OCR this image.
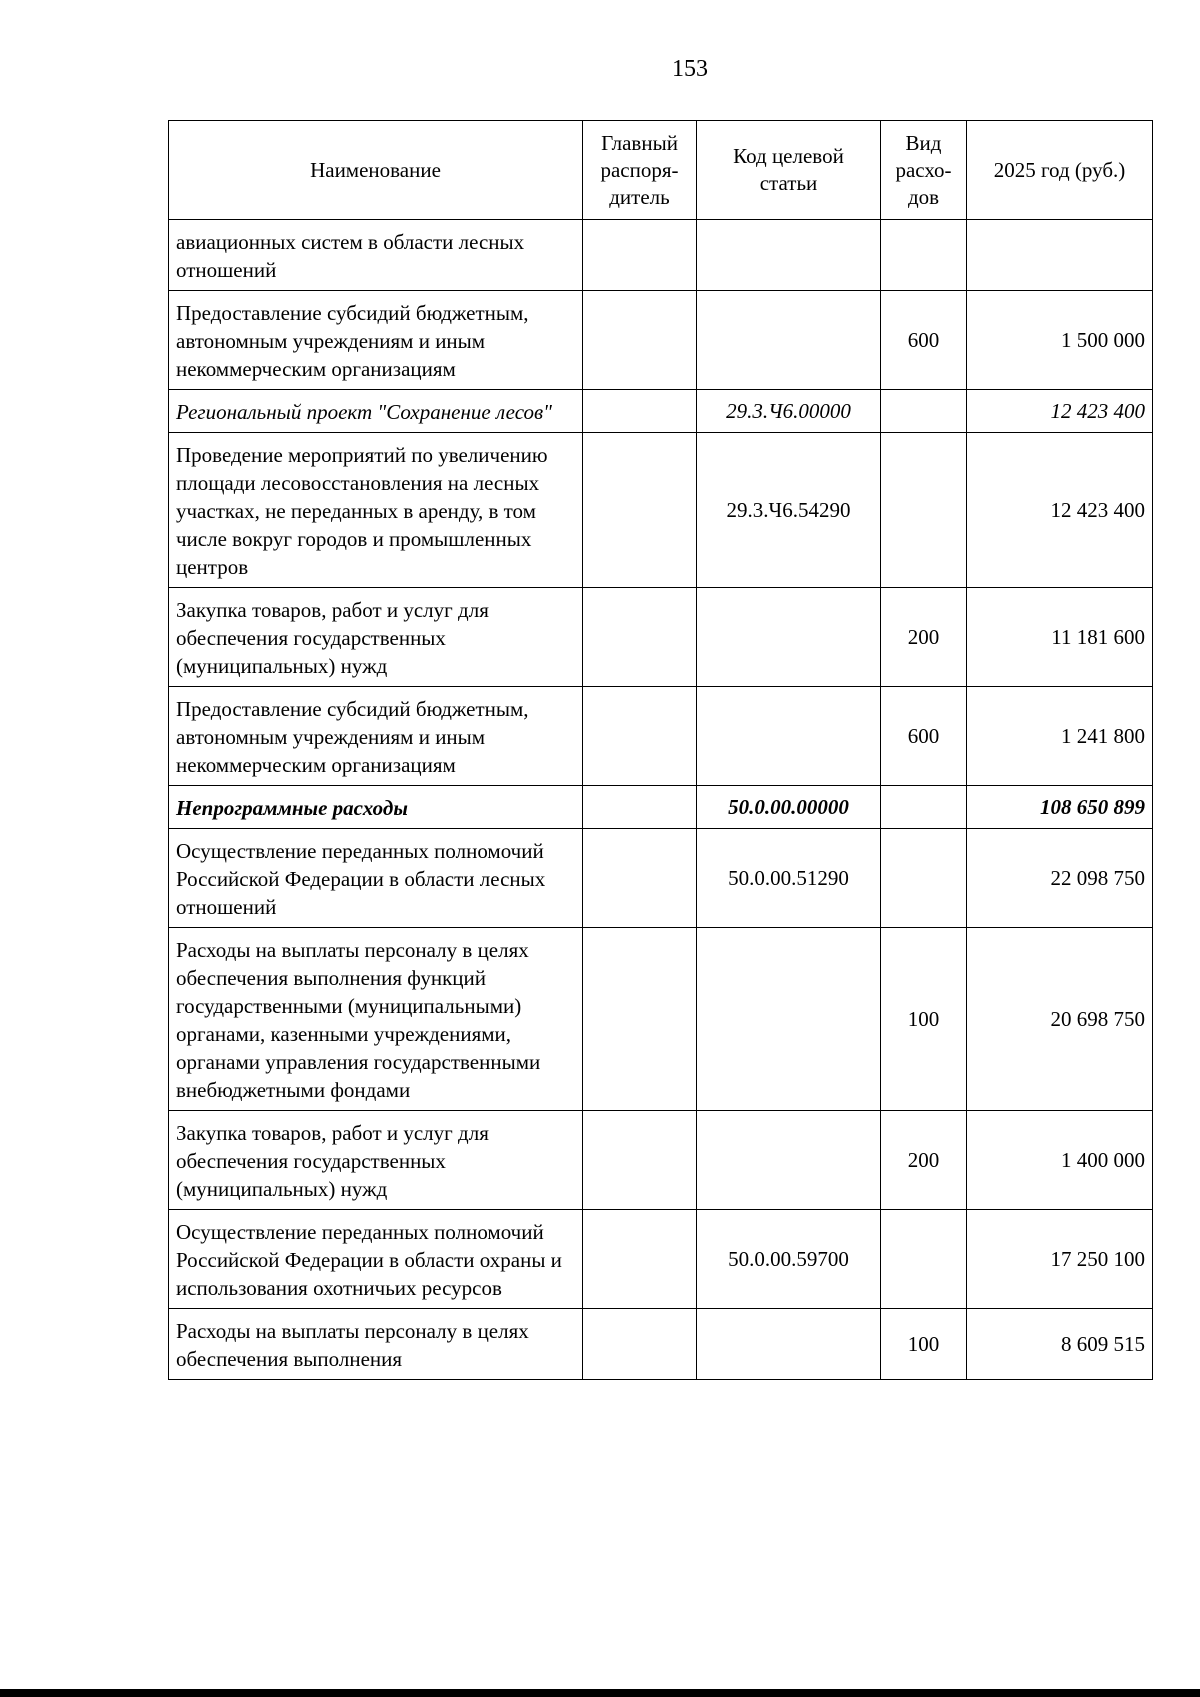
153
Наименование	Главный распоря-дитель	Код целевой статьи	Вид расхо-дов	2025 год (руб.)
авиационных систем в области лесных отношений				
Предоставление субсидий бюджетным, автономным учреждениям и иным некоммерческим организациям			600	1 500 000
Региональный проект "Сохранение лесов"		29.3.Ч6.00000		12 423 400
Проведение мероприятий по увеличению площади лесовосстановления на лесных участках, не переданных в аренду, в том числе вокруг городов и промышленных центров		29.3.Ч6.54290		12 423 400
Закупка товаров, работ и услуг для обеспечения государственных (муниципальных) нужд			200	11 181 600
Предоставление субсидий бюджетным, автономным учреждениям и иным некоммерческим организациям			600	1 241 800
Непрограммные расходы		50.0.00.00000		108 650 899
Осуществление переданных полномочий Российской Федерации в области лесных отношений		50.0.00.51290		22 098 750
Расходы на выплаты персоналу в целях обеспечения выполнения функций государственными (муниципальными) органами, казенными учреждениями, органами управления государственными внебюджетными фондами			100	20 698 750
Закупка товаров, работ и услуг для обеспечения государственных (муниципальных) нужд			200	1 400 000
Осуществление переданных полномочий Российской Федерации в области охраны и использования охотничьих ресурсов		50.0.00.59700		17 250 100
Расходы на выплаты персоналу в целях обеспечения выполнения			100	8 609 515
